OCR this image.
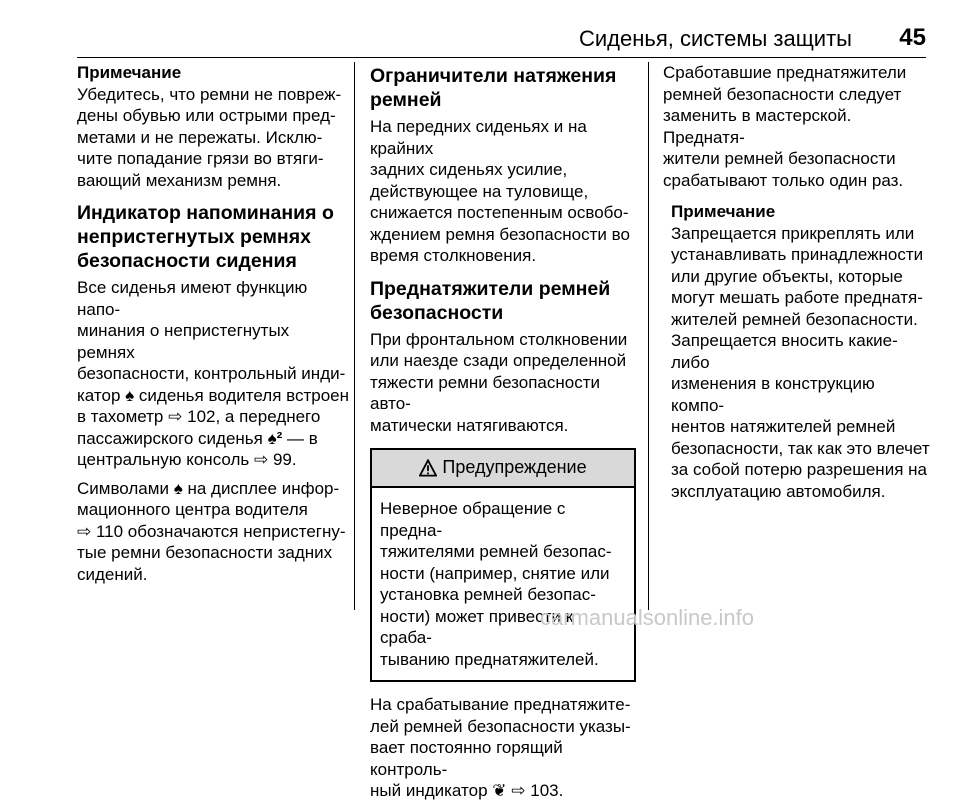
Сиденья, системы защиты 45
Примечание
Убедитесь, что ремни не повреж-
дены обувью или острыми пред-
метами и не пережаты. Исклю-
чите попадание грязи во втяги-
вающий механизм ремня.
Индикатор напоминания о
непристегнутых ремнях
безопасности сидения

Все сиденья имеют функцию напо-
минания о непристегнутых ремнях
безопасности, контрольный инди-
катор ♠ сиденья водителя встроен
в тахометр ⇨ 102, а переднего
пассажирского сиденья ♠² — в
центральную консоль ⇨ 99.

Символами ♠ на дисплее инфор-
мационного центра водителя
⇨ 110 обозначаются непристегну-
тые ремни безопасности задних
сидений.

Ограничители натяжения
ремней

На передних сиденьях и на крайних
задних сиденьях усилие,
действующее на туловище,
снижается постепенным освобо-
ждением ремня безопасности во
время столкновения.

Преднатяжители ремней
безопасности

При фронтальном столкновении
или наезде сзади определенной
тяжести ремни безопасности авто-
матически натягиваются.

Предупреждение
Неверное обращение с предна-
тяжителями ремней безопас-
ности (например, снятие или
установка ремней безопас-
ности) может привести к сраба-
тыванию преднатяжителей.

На срабатывание преднатяжите-
лей ремней безопасности указы-
вает постоянно горящий контроль-
ный индикатор ❦ ⇨ 103.

Сработавшие преднатяжители
ремней безопасности следует
заменить в мастерской. Преднатя-
жители ремней безопасности
срабатывают только один раз.

Примечание
Запрещается прикреплять или
устанавливать принадлежности
или другие объекты, которые
могут мешать работе преднатя-
жителей ремней безопасности.
Запрещается вносить какие-либо
изменения в конструкцию компо-
нентов натяжителей ремней
безопасности, так как это влечет
за собой потерю разрешения на
эксплуатацию автомобиля.
carmanualsonline.info
